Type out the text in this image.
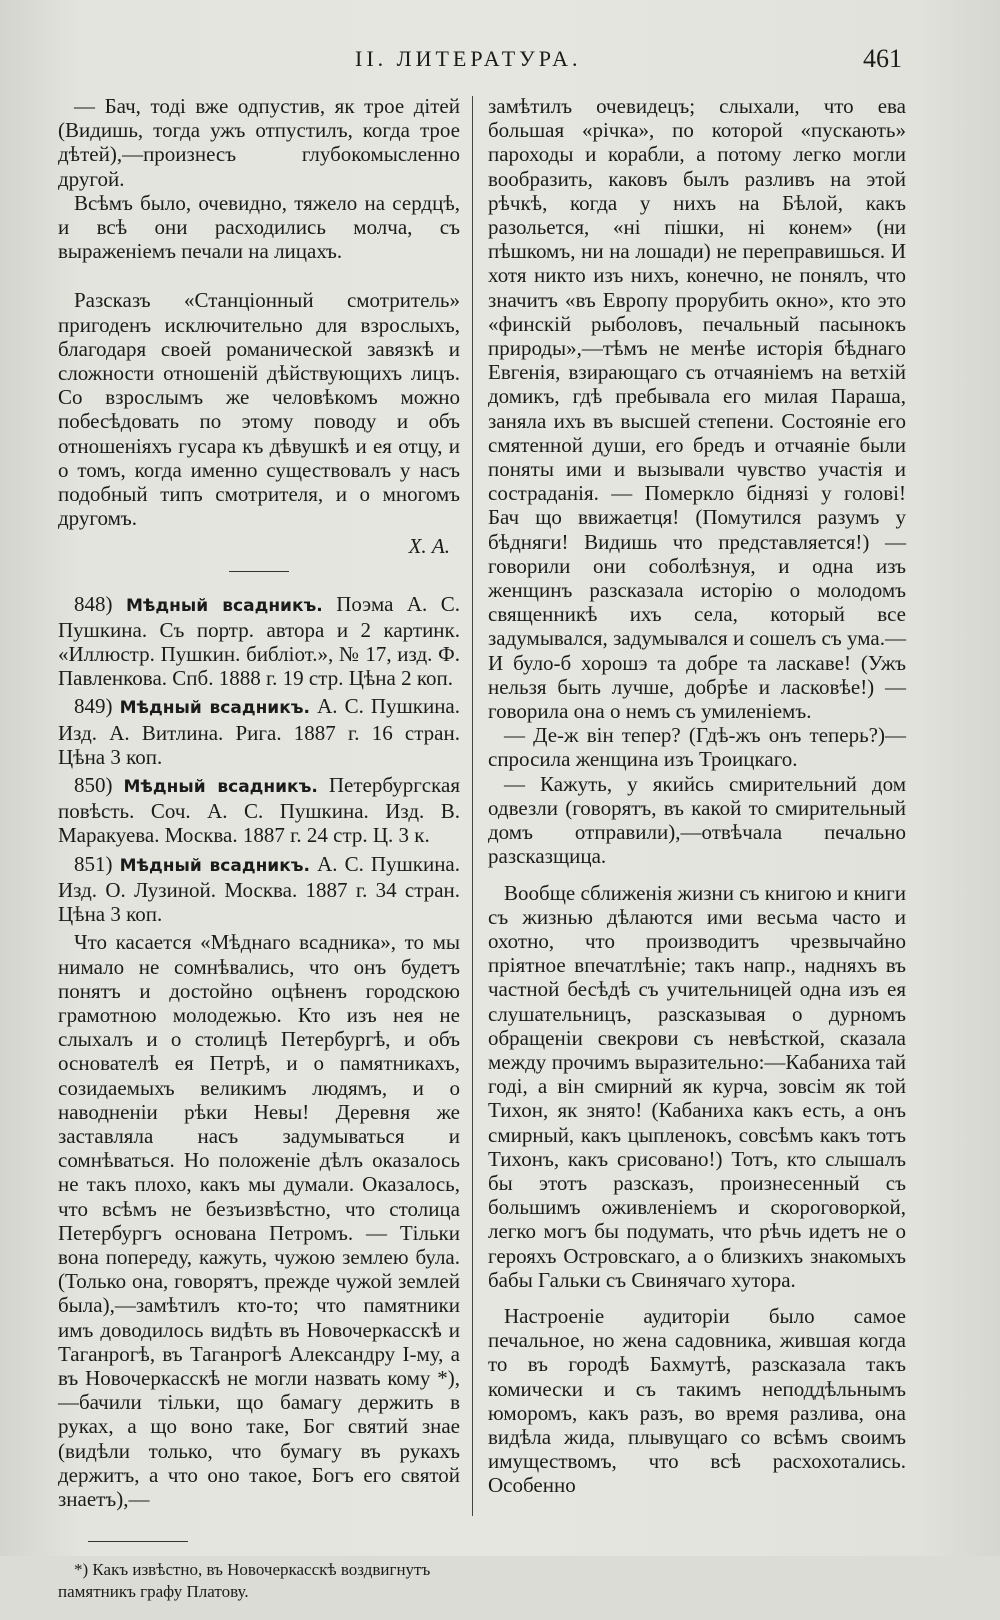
II. ЛИТЕРАТУРА.	461

— Бач, тоді вже одпустив, як трое дітей (Видишь, тогда ужъ отпустилъ, когда трое дѣтей),—произнесъ глубокомысленно другой.

Всѣмъ было, очевидно, тяжело на сердцѣ, и всѣ они расходились молча, съ выраженіемъ печали на лицахъ.

Разсказъ «Станціонный смотритель» пригоденъ исключительно для взрослыхъ, благодаря своей романической завязкѣ и сложности отношеній дѣйствующихъ лицъ. Со взрослымъ же человѣкомъ можно побесѣдовать по этому поводу и объ отношеніяхъ гусара къ дѣвушкѣ и ея отцу, и о томъ, когда именно существовалъ у насъ подобный типъ смотрителя, и о многомъ другомъ.

Х. А.

848) Мѣдный всадникъ. Поэма А. С. Пушкина. Съ портр. автора и 2 картинк. «Иллюстр. Пушкин. библіот.», № 17, изд. Ф. Павленкова. Спб. 1888 г. 19 стр. Цѣна 2 коп.

849) Мѣдный всадникъ. А. С. Пушкина. Изд. А. Витлина. Рига. 1887 г. 16 стран. Цѣна 3 коп.

850) Мѣдный всадникъ. Петербургская повѣсть. Соч. А. С. Пушкина. Изд. В. Маракуева. Москва. 1887 г. 24 стр. Ц. 3 к.

851) Мѣдный всадникъ. А. С. Пушкина. Изд. О. Лузиной. Москва. 1887 г. 34 стран. Цѣна 3 коп.

Что касается «Мѣднаго всадника», то мы нимало не сомнѣвались, что онъ будетъ понятъ и достойно оцѣненъ городскою грамотною молодежью. Кто изъ нея не слыхалъ и о столицѣ Петербургѣ, и объ основателѣ ея Петрѣ, и о памятникахъ, созидаемыхъ великимъ людямъ, и о наводненіи рѣки Невы! Деревня же заставляла насъ задумываться и сомнѣваться. Но положеніе дѣлъ оказалось не такъ плохо, какъ мы думали. Оказалось, что всѣмъ не безъизвѣстно, что столица Петербургъ основана Петромъ. — Тільки вона попереду, кажуть, чужою землею була. (Только она, говорятъ, прежде чужой землей была),—замѣтилъ кто-то; что памятники имъ доводилось видѣть въ Новочеркасскѣ и Таганрогѣ, въ Таганрогѣ Александру I-му, а въ Новочеркасскѣ не могли назвать кому *), —бачили тільки, що бамагу держить в руках, а що воно таке, Бог святий знае (видѣли только, что бумагу въ рукахъ держитъ, а что оно такое, Богъ его святой знаетъ),—

*) Какъ извѣстно, въ Новочеркасскѣ воздвигнутъ памятникъ графу Платову.

замѣтилъ очевидецъ; слыхали, что ева большая «річка», по которой «пускають» пароходы и корабли, а потому легко могли вообразить, каковъ былъ разливъ на этой рѣчкѣ, когда у нихъ на Бѣлой, какъ разольется, «ні пішки, ні конем» (ни пѣшкомъ, ни на лошади) не переправишься. И хотя никто изъ нихъ, конечно, не понялъ, что значитъ «въ Европу прорубить окно», кто это «финскій рыболовъ, печальный пасынокъ природы»,—тѣмъ не менѣе исторія бѣднаго Евгенія, взирающаго съ отчаяніемъ на ветхій домикъ, гдѣ пребывала его милая Параша, заняла ихъ въ высшей степени. Состояніе его смятенной души, его бредъ и отчаяніе были поняты ими и вызывали чувство участія и состраданія. — Померкло біднязі у голові! Бач що ввижаетця! (Помутился разумъ у бѣдняги! Видишь что представляется!) — говорили они соболѣзнуя, и одна изъ женщинъ разсказала исторію о молодомъ священникѣ ихъ села, который все задумывался, задумывался и сошелъ съ ума.—И було-б хорошэ та добре та ласкаве! (Ужъ нельзя быть лучше, добрѣе и ласковѣе!) — говорила она о немъ съ умиленіемъ.

— Де-ж він тепер? (Гдѣ-жъ онъ теперь?)— спросила женщина изъ Троицкаго.

— Кажуть, у якийсь смирительний дом одвезли (говорятъ, въ какой то смирительный домъ отправили),—отвѣчала печально разсказщица.

Вообще сближенія жизни съ книгою и книги съ жизнью дѣлаются ими весьма часто и охотно, что производитъ чрезвычайно пріятное впечатлѣніе; такъ напр., надняхъ въ частной бесѣдѣ съ учительницей одна изъ ея слушательницъ, разсказывая о дурномъ обращеніи свекрови съ невѣсткой, сказала между прочимъ выразительно:—Кабаниха тай годі, а він смирний як курча, зовсім як той Тихон, як знято! (Кабаниха какъ есть, а онъ смирный, какъ цыпленокъ, совсѣмъ какъ тотъ Тихонъ, какъ срисовано!) Тотъ, кто слышалъ бы этотъ разсказъ, произнесенный съ большимъ оживленіемъ и скороговоркой, легко могъ бы подумать, что рѣчь идетъ не о герояхъ Островскаго, а о близкихъ знакомыхъ бабы Гальки съ Свинячаго хутора.

Настроеніе аудиторіи было самое печальное, но жена садовника, жившая когда то въ городѣ Бахмутѣ, разсказала такъ комически и съ такимъ неподдѣльнымъ юморомъ, какъ разъ, во время разлива, она видѣла жида, плывущаго со всѣмъ своимъ имуществомъ, что всѣ расхохотались. Особенно
